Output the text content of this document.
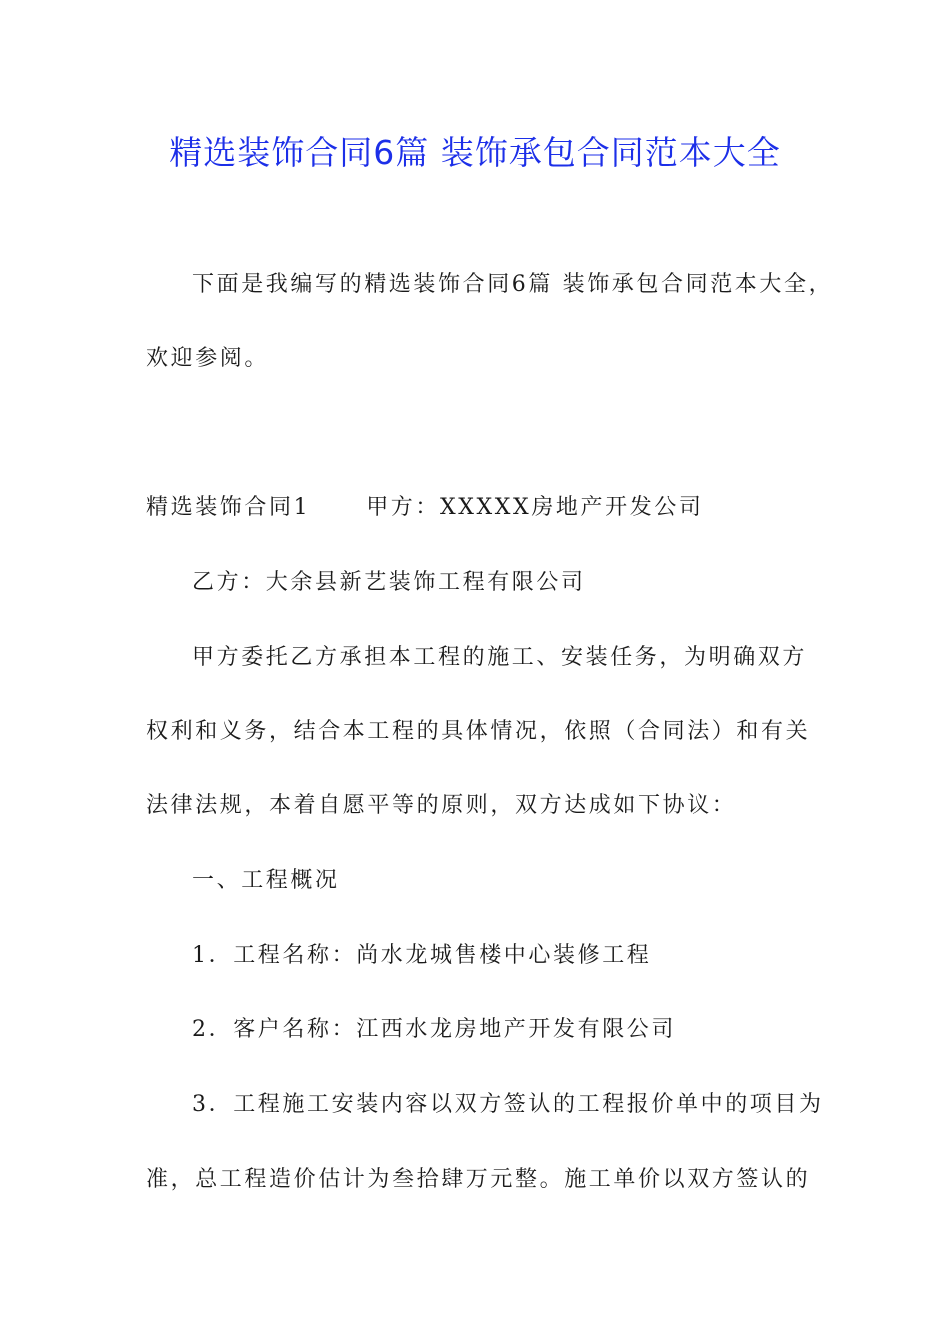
精选装饰合同6篇 装饰承包合同范本大全
下面是我编写的精选装饰合同6篇 装饰承包合同范本大全，
欢迎参阅。
精选装饰合同1	甲方：XXXXX房地产开发公司
乙方：大余县新艺装饰工程有限公司
甲方委托乙方承担本工程的施工、安装任务，为明确双方
权利和义务，结合本工程的具体情况，依照（合同法）和有关
法律法规，本着自愿平等的原则，双方达成如下协议：
一、工程概况
1．工程名称：尚水龙城售楼中心装修工程
2．客户名称：江西水龙房地产开发有限公司
3．工程施工安装内容以双方签认的工程报价单中的项目为
准，总工程造价估计为叁拾肆万元整。施工单价以双方签认的
